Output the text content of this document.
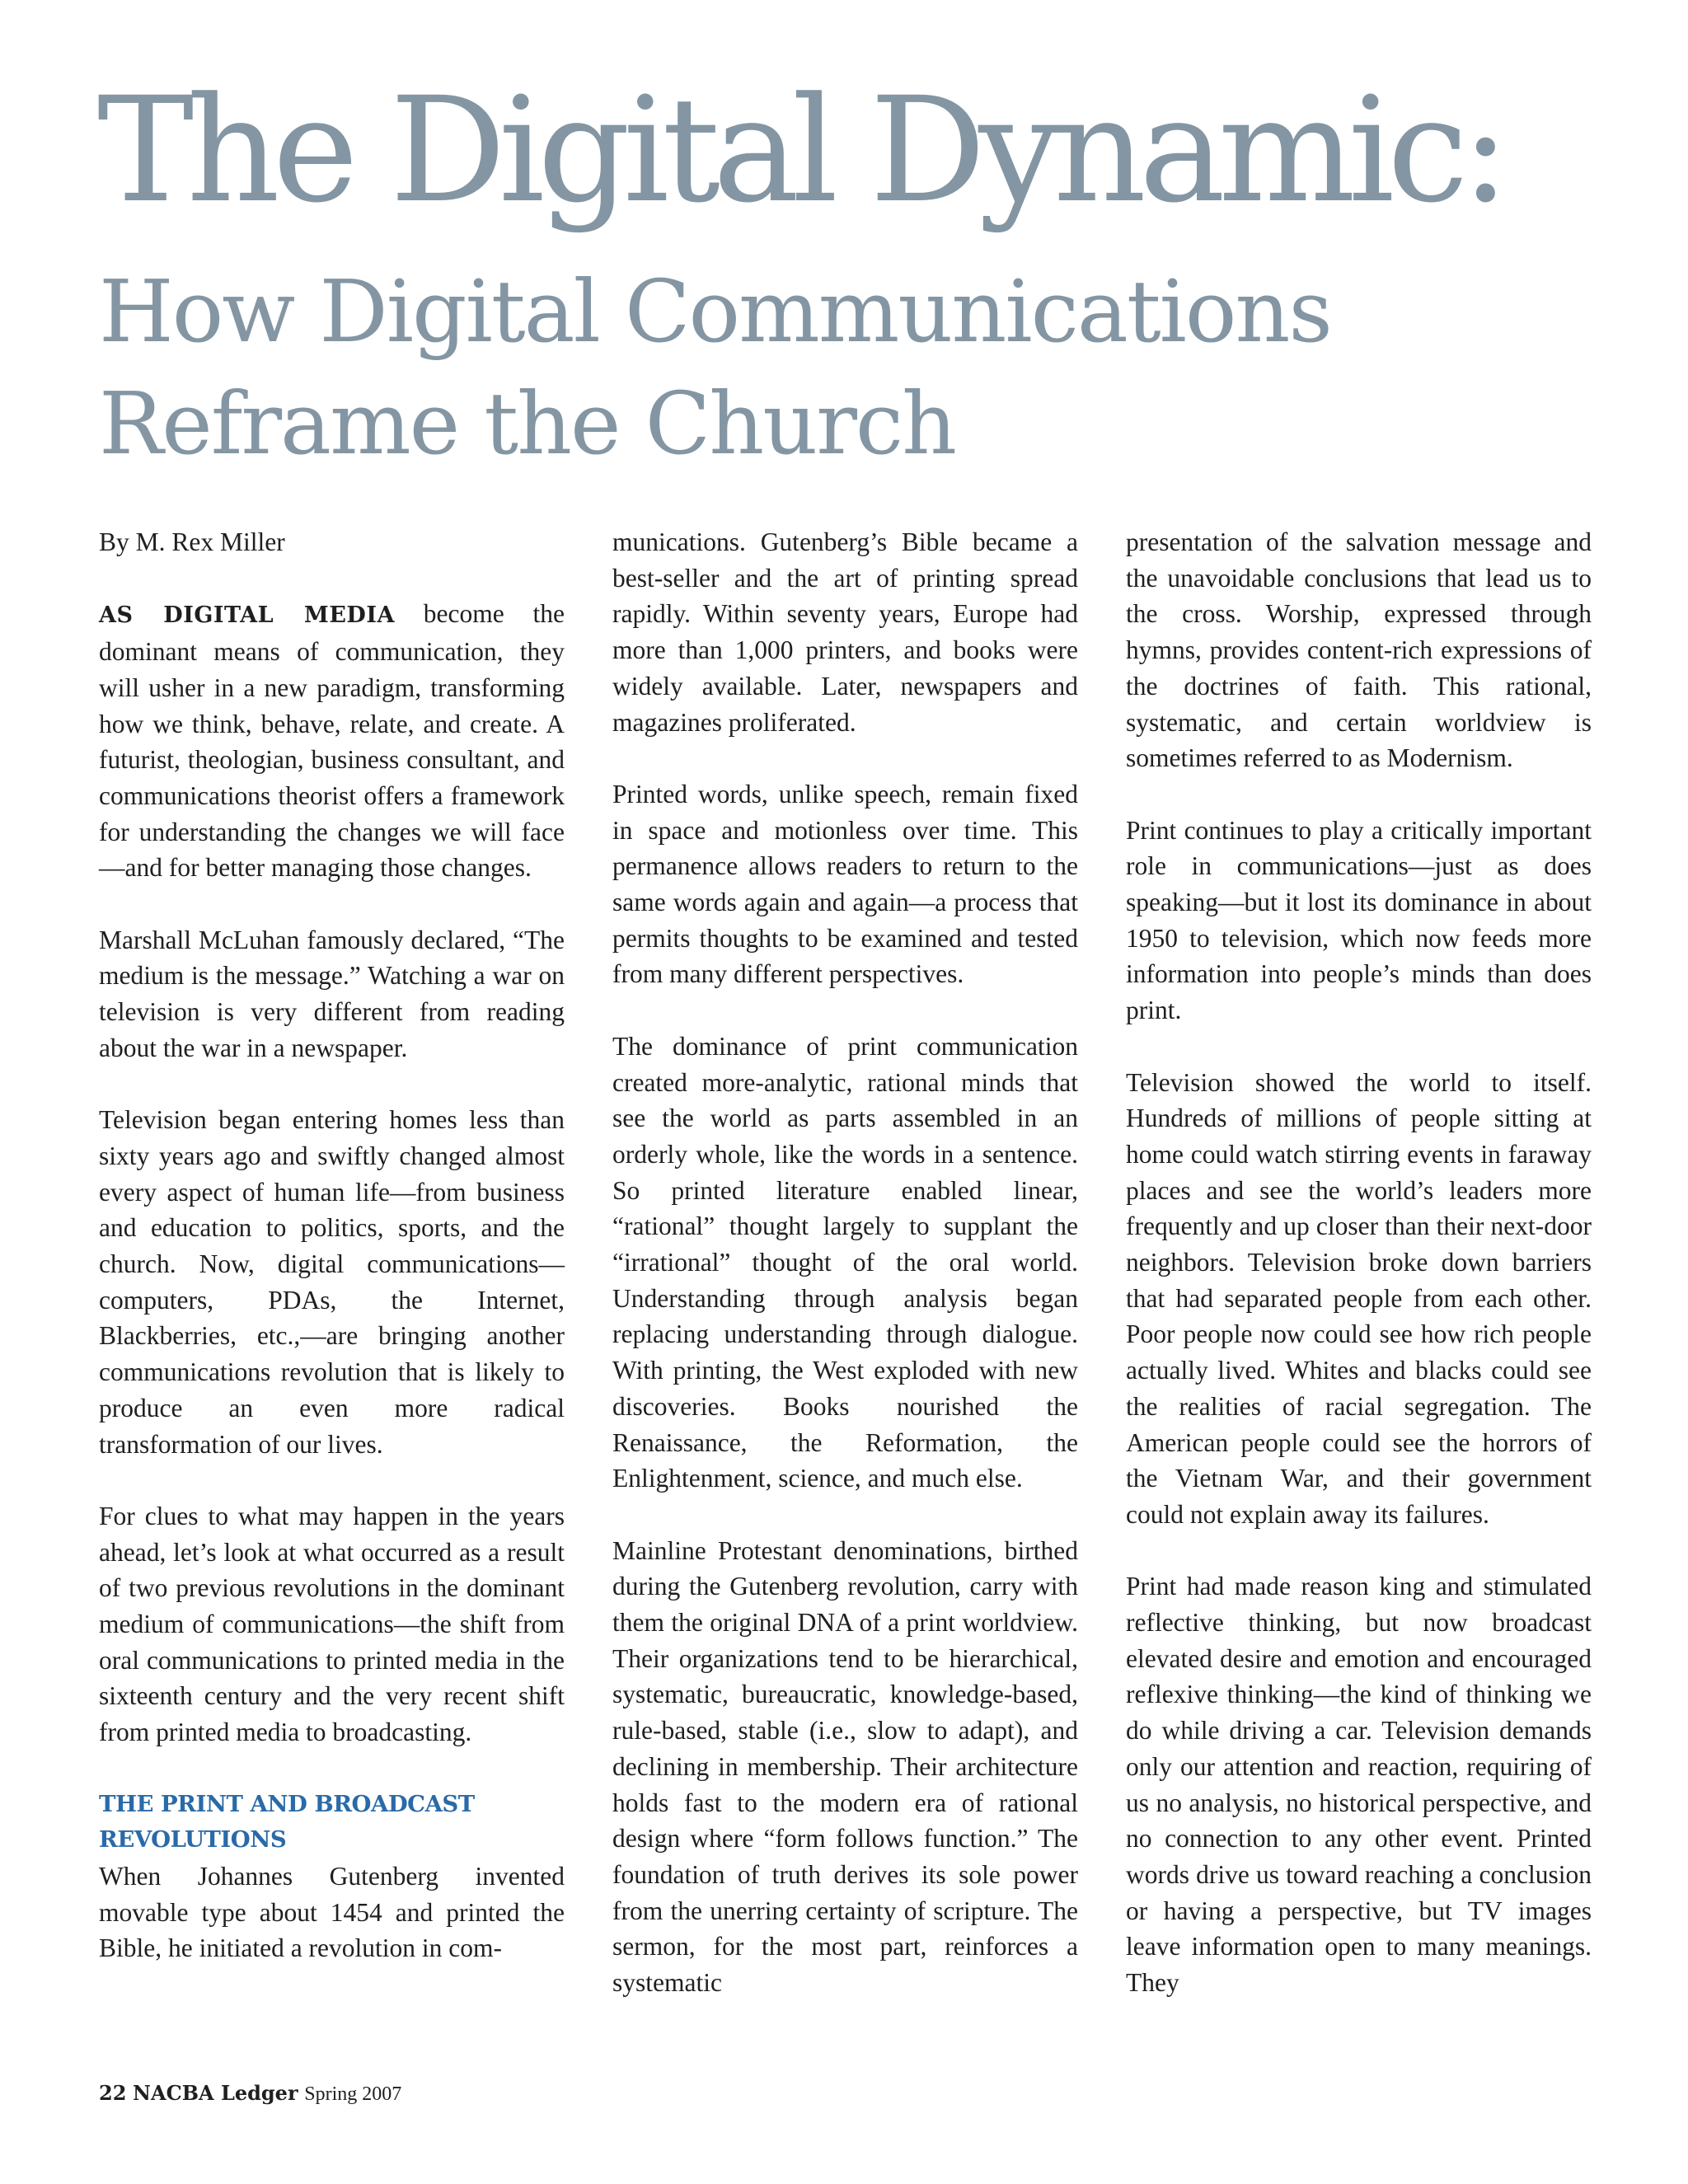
The Digital Dynamic:
How Digital Communications
Reframe the Church

By M. Rex Miller

AS DIGITAL MEDIA become the dominant means of communication, they will usher in a new paradigm, transforming how we think, behave, relate, and create. A futurist, theologian, business consultant, and communications theorist offers a framework for understanding the changes we will face—and for better managing those changes.

Marshall McLuhan famously declared, “The medium is the message.” Watching a war on television is very different from reading about the war in a newspaper.

Television began entering homes less than sixty years ago and swiftly changed almost every aspect of human life—from business and education to politics, sports, and the church. Now, digital communications—computers, PDAs, the Internet, Blackberries, etc.,—are bringing another communications revolution that is likely to produce an even more radical transformation of our lives.

For clues to what may happen in the years ahead, let’s look at what occurred as a result of two previous revolutions in the dominant medium of communications—the shift from oral communications to printed media in the sixteenth century and the very recent shift from printed media to broadcasting.

THE PRINT AND BROADCAST
REVOLUTIONS

When Johannes Gutenberg invented movable type about 1454 and printed the Bible, he initiated a revolution in com-

munications. Gutenberg’s Bible became a best-seller and the art of printing spread rapidly. Within seventy years, Europe had more than 1,000 printers, and books were widely available. Later, newspapers and magazines proliferated.

Printed words, unlike speech, remain fixed in space and motionless over time. This permanence allows readers to return to the same words again and again—a process that permits thoughts to be examined and tested from many different perspectives.

The dominance of print communication created more-analytic, rational minds that see the world as parts assembled in an orderly whole, like the words in a sentence. So printed literature enabled linear, “rational” thought largely to supplant the “irrational” thought of the oral world. Understanding through analysis began replacing understanding through dialogue. With printing, the West exploded with new discoveries. Books nourished the Renaissance, the Reformation, the Enlightenment, science, and much else.

Mainline Protestant denominations, birthed during the Gutenberg revolution, carry with them the original DNA of a print worldview. Their organizations tend to be hierarchical, systematic, bureaucratic, knowledge-based, rule-based, stable (i.e., slow to adapt), and declining in membership. Their architecture holds fast to the modern era of rational design where “form follows function.” The foundation of truth derives its sole power from the unerring certainty of scripture. The sermon, for the most part, reinforces a systematic

presentation of the salvation message and the unavoidable conclusions that lead us to the cross. Worship, expressed through hymns, provides content-rich expressions of the doctrines of faith. This rational, systematic, and certain worldview is sometimes referred to as Modernism.

Print continues to play a critically important role in communications—just as does speaking—but it lost its dominance in about 1950 to television, which now feeds more information into people’s minds than does print.

Television showed the world to itself. Hundreds of millions of people sitting at home could watch stirring events in faraway places and see the world’s leaders more frequently and up closer than their next-door neighbors. Television broke down barriers that had separated people from each other. Poor people now could see how rich people actually lived. Whites and blacks could see the realities of racial segregation. The American people could see the horrors of the Vietnam War, and their government could not explain away its failures.

Print had made reason king and stimulated reflective thinking, but now broadcast elevated desire and emotion and encouraged reflexive thinking—the kind of thinking we do while driving a car. Television demands only our attention and reaction, requiring of us no analysis, no historical perspective, and no connection to any other event. Printed words drive us toward reaching a conclusion or having a perspective, but TV images leave information open to many meanings. They

22 NACBA Ledger Spring 2007
